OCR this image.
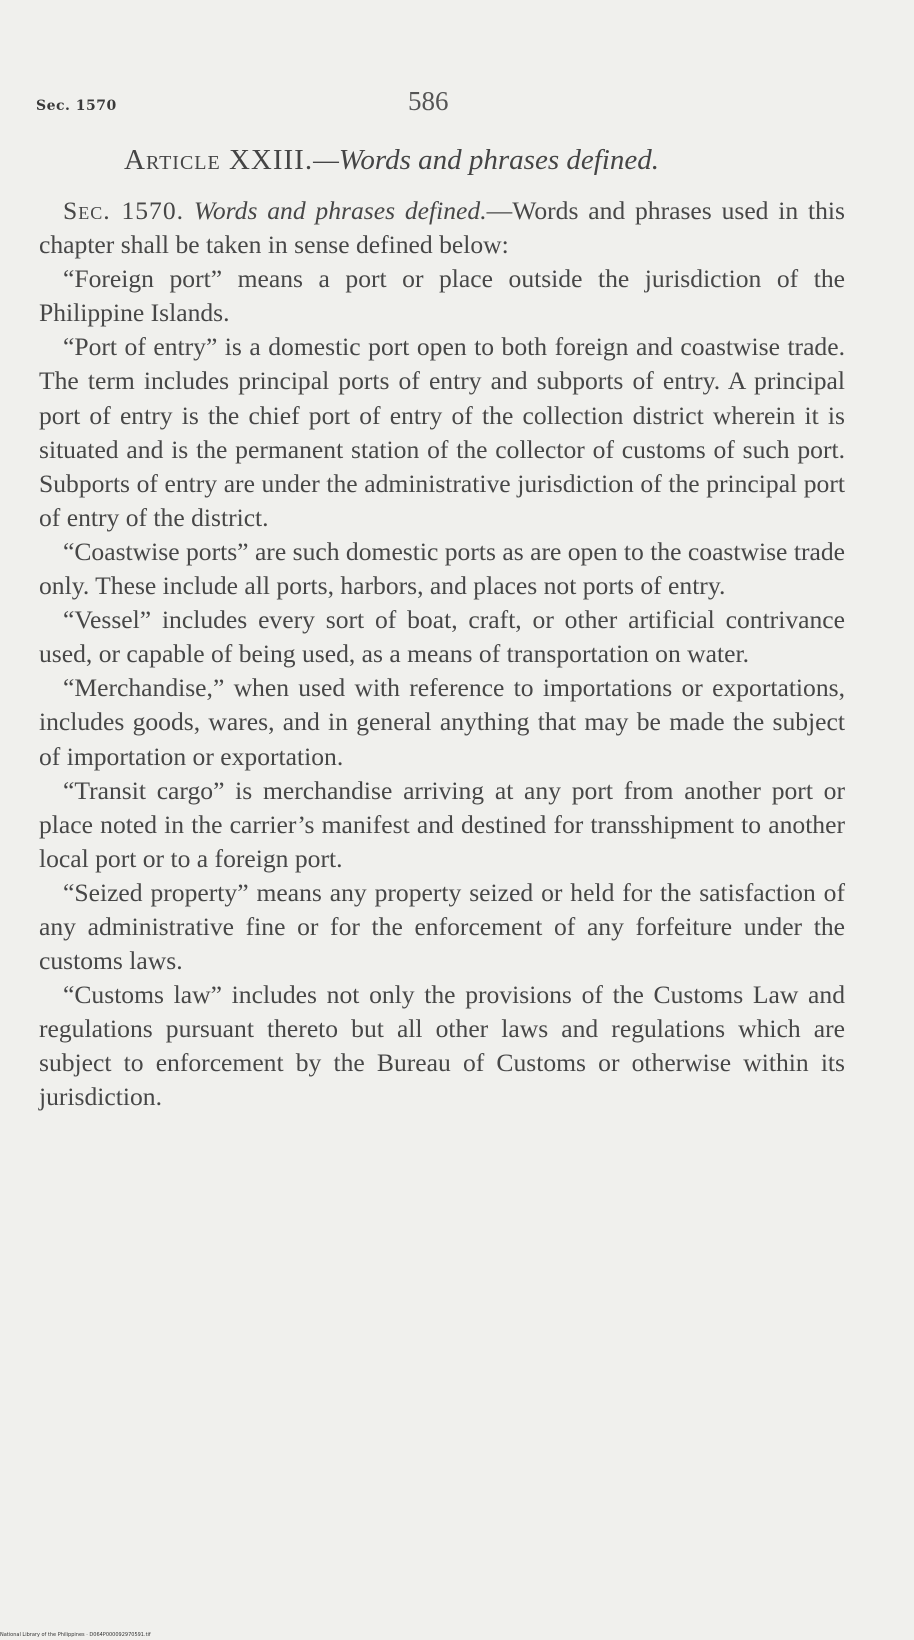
Sec. 1570	586
Article XXIII.—Words and phrases defined.

Sec. 1570. Words and phrases defined.—Words and phrases used in this chapter shall be taken in sense defined below:

“Foreign port” means a port or place outside the jurisdiction of the Philippine Islands.

“Port of entry” is a domestic port open to both foreign and coastwise trade. The term includes principal ports of entry and subports of entry. A principal port of entry is the chief port of entry of the collection district wherein it is situated and is the permanent station of the collector of customs of such port. Subports of entry are under the administrative jurisdiction of the principal port of entry of the district.

“Coastwise ports” are such domestic ports as are open to the coastwise trade only. These include all ports, harbors, and places not ports of entry.

“Vessel” includes every sort of boat, craft, or other artificial contrivance used, or capable of being used, as a means of transportation on water.

“Merchandise,” when used with reference to importations or exportations, includes goods, wares, and in general anything that may be made the subject of importation or exportation.

“Transit cargo” is merchandise arriving at any port from another port or place noted in the carrier’s manifest and destined for transshipment to another local port or to a foreign port.

“Seized property” means any property seized or held for the satisfaction of any administrative fine or for the enforcement of any forfeiture under the customs laws.

“Customs law” includes not only the provisions of the Customs Law and regulations pursuant thereto but all other laws and regulations which are subject to enforcement by the Bureau of Customs or otherwise within its jurisdiction.

National Library of the Philippines · D064P000092970591.tif
